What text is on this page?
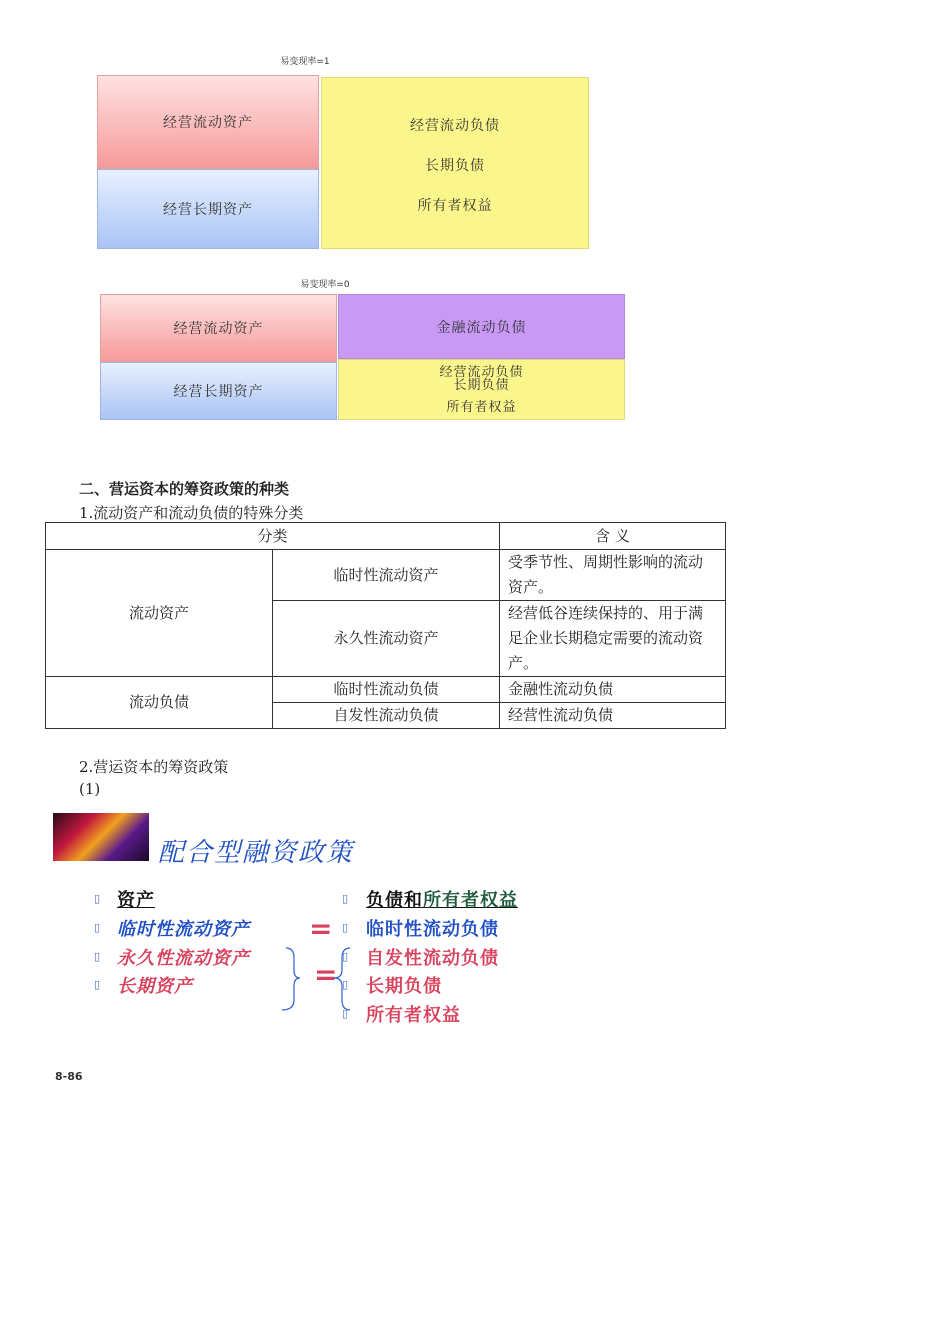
易变现率=1
经营流动资产
经营长期资产
经营流动负债
长期负债
所有者权益
易变现率=0
经营流动资产
经营长期资产
金融流动负债
经营流动负债
长期负债
所有者权益
二、营运资本的筹资政策的种类
1.流动资产和流动负债的特殊分类
分类		含 义
流动资产	临时性流动资产	受季节性、周期性影响的流动资产。
	永久性流动资产	经营低谷连续保持的、用于满足企业长期稳定需要的流动资产。
流动负债	临时性流动负债	金融性流动负债
	自发性流动负债	经营性流动负债
2.营运资本的筹资政策
(1)
配合型融资政策
▯
▯
▯
▯
资产
临时性流动资产
永久性流动资产
长期资产
=
=
▯
▯
▯
▯
▯
负债和所有者权益
临时性流动负债
自发性流动负债
长期负债
所有者权益
8-86
